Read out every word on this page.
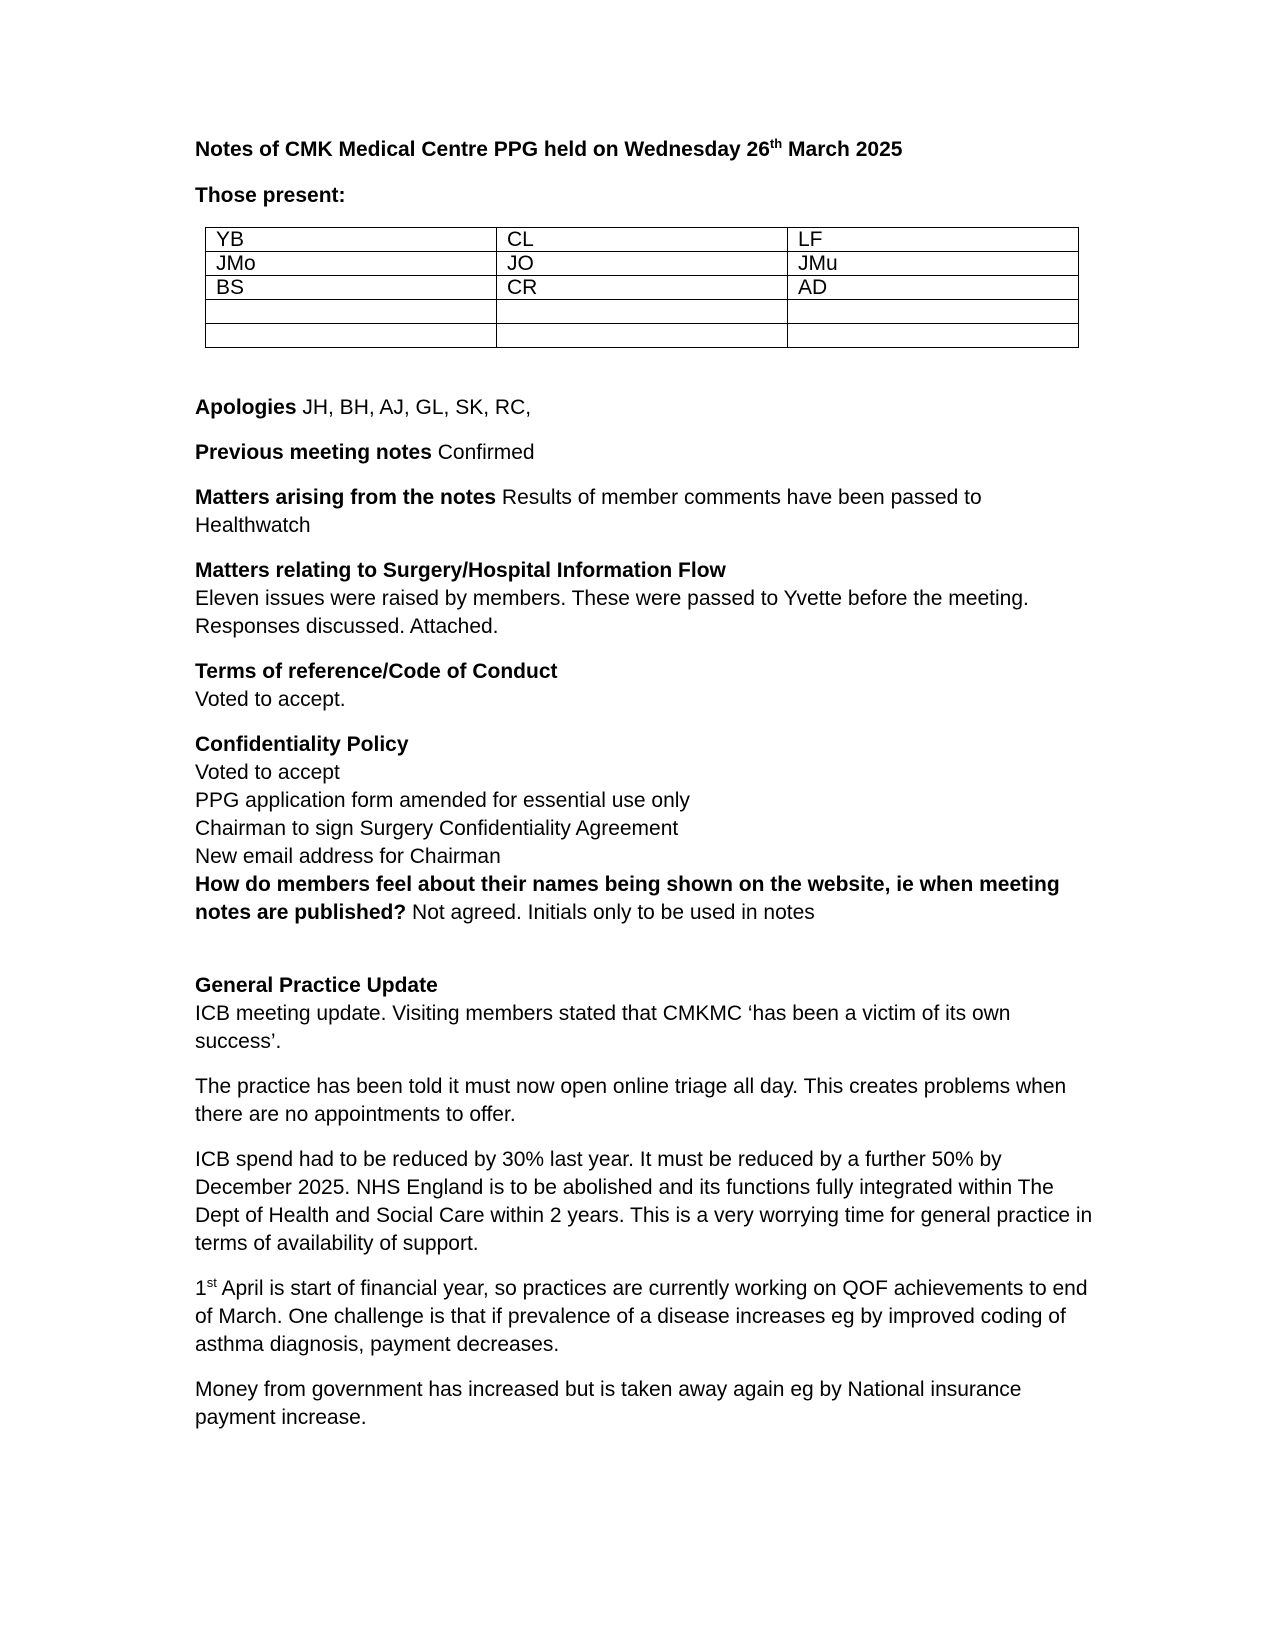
Notes of CMK Medical Centre PPG held on Wednesday 26th March 2025

Those present:

YB	CL	LF
JMo	JO	JMu
BS	CR	AD

Apologies JH, BH, AJ, GL, SK, RC,

Previous meeting notes Confirmed

Matters arising from the notes Results of member comments have been passed to Healthwatch

Matters relating to Surgery/Hospital Information Flow

Eleven issues were raised by members. These were passed to Yvette before the meeting. Responses discussed. Attached.

Terms of reference/Code of Conduct

Voted to accept.

Confidentiality Policy

Voted to accept

PPG application form amended for essential use only

Chairman to sign Surgery Confidentiality Agreement

New email address for Chairman

How do members feel about their names being shown on the website, ie when meeting notes are published? Not agreed. Initials only to be used in notes

General Practice Update

ICB meeting update. Visiting members stated that CMKMC ‘has been a victim of its own success’.

The practice has been told it must now open online triage all day. This creates problems when there are no appointments to offer.

ICB spend had to be reduced by 30% last year. It must be reduced by a further 50% by December 2025. NHS England is to be abolished and its functions fully integrated within The Dept of Health and Social Care within 2 years. This is a very worrying time for general practice in terms of availability of support.

1st April is start of financial year, so practices are currently working on QOF achievements to end of March. One challenge is that if prevalence of a disease increases eg by improved coding of asthma diagnosis, payment decreases.

Money from government has increased but is taken away again eg by National insurance payment increase.
